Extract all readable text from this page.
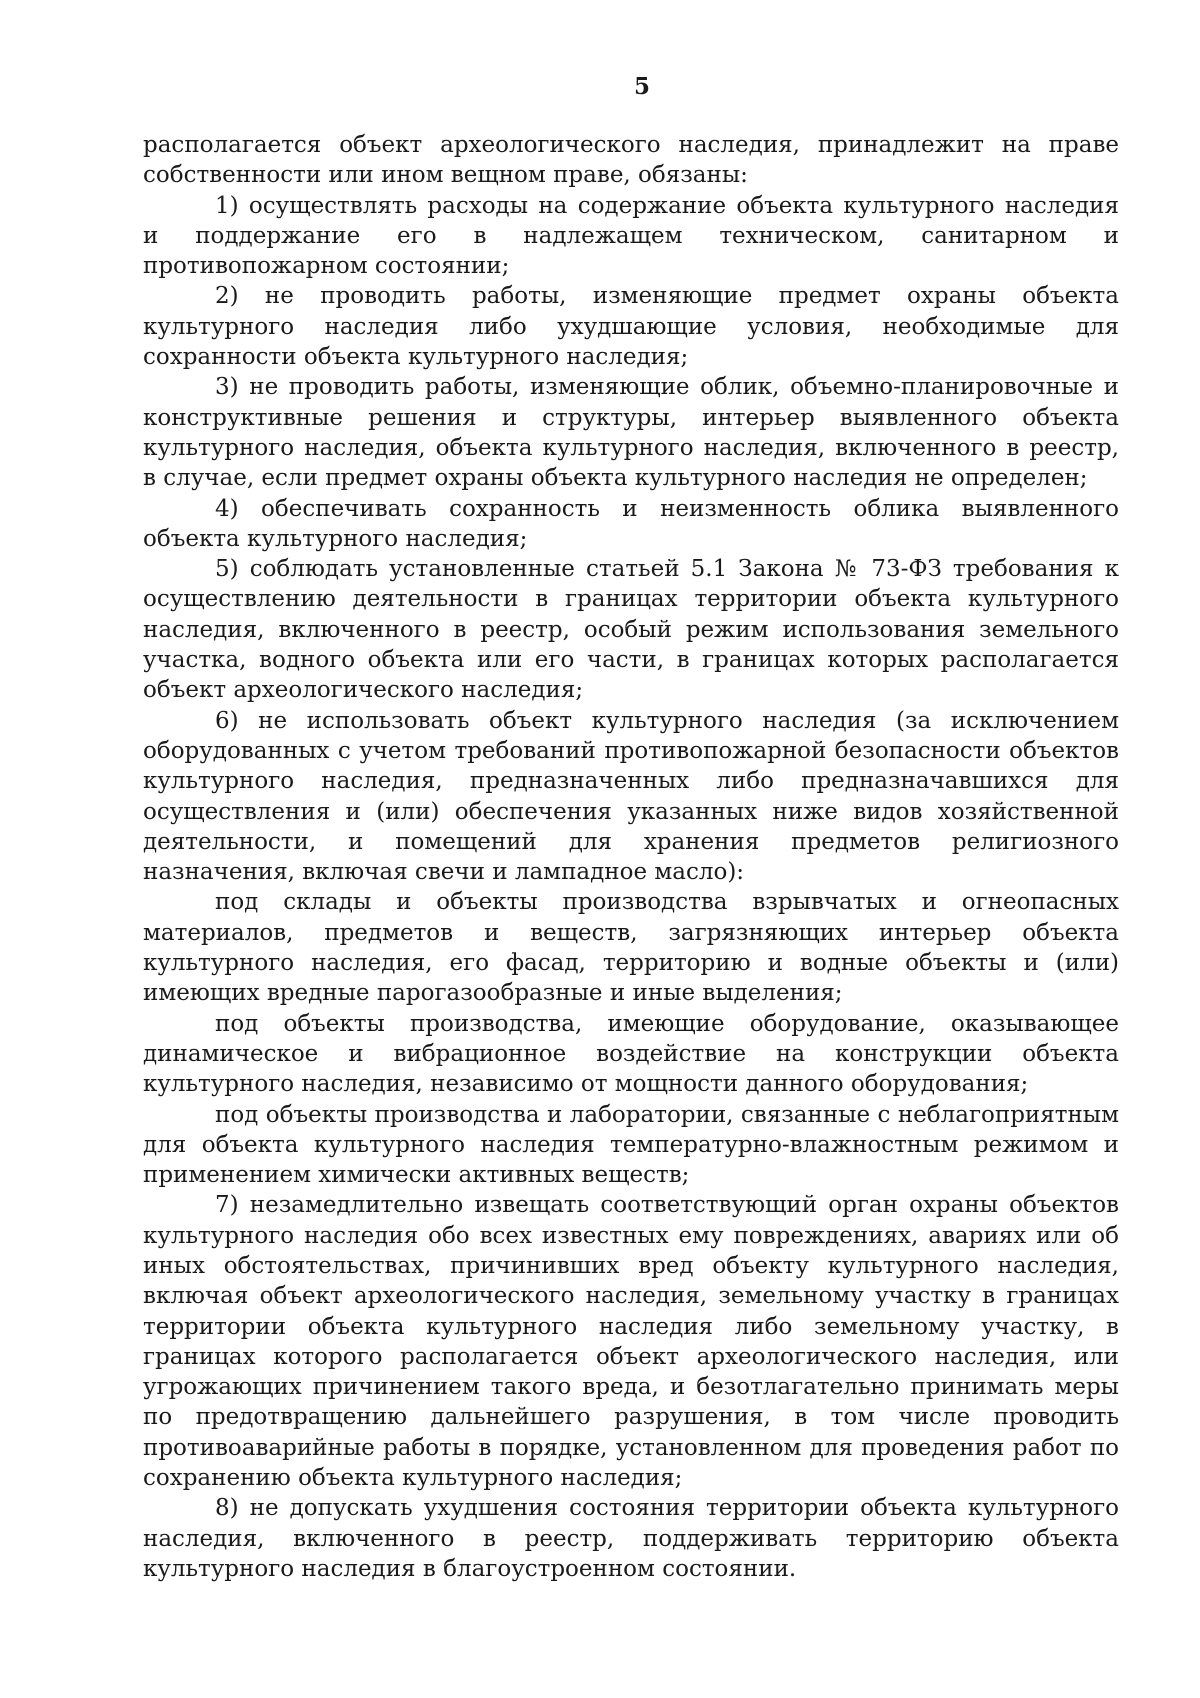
5

располагается объект археологического наследия, принадлежит на праве собственности или ином вещном праве, обязаны:

1) осуществлять расходы на содержание объекта культурного наследия и поддержание его в надлежащем техническом, санитарном и противопожарном состоянии;

2) не проводить работы, изменяющие предмет охраны объекта культурного наследия либо ухудшающие условия, необходимые для сохранности объекта культурного наследия;

3) не проводить работы, изменяющие облик, объемно-планировочные и конструктивные решения и структуры, интерьер выявленного объекта культурного наследия, объекта культурного наследия, включенного в реестр, в случае, если предмет охраны объекта культурного наследия не определен;

4) обеспечивать сохранность и неизменность облика выявленного объекта культурного наследия;

5) соблюдать установленные статьей 5.1 Закона № 73-ФЗ требования к осуществлению деятельности в границах территории объекта культурного наследия, включенного в реестр, особый режим использования земельного участка, водного объекта или его части, в границах которых располагается объект археологического наследия;

6) не использовать объект культурного наследия (за исключением оборудованных с учетом требований противопожарной безопасности объектов культурного наследия, предназначенных либо предназначавшихся для осуществления и (или) обеспечения указанных ниже видов хозяйственной деятельности, и помещений для хранения предметов религиозного назначения, включая свечи и лампадное масло):

под склады и объекты производства взрывчатых и огнеопасных материалов, предметов и веществ, загрязняющих интерьер объекта культурного наследия, его фасад, территорию и водные объекты и (или) имеющих вредные парогазообразные и иные выделения;

под объекты производства, имеющие оборудование, оказывающее динамическое и вибрационное воздействие на конструкции объекта культурного наследия, независимо от мощности данного оборудования;

под объекты производства и лаборатории, связанные с неблагоприятным для объекта культурного наследия температурно-влажностным режимом и применением химически активных веществ;

7) незамедлительно извещать соответствующий орган охраны объектов культурного наследия обо всех известных ему повреждениях, авариях или об иных обстоятельствах, причинивших вред объекту культурного наследия, включая объект археологического наследия, земельному участку в границах территории объекта культурного наследия либо земельному участку, в границах которого располагается объект археологического наследия, или угрожающих причинением такого вреда, и безотлагательно принимать меры по предотвращению дальнейшего разрушения, в том числе проводить противоаварийные работы в порядке, установленном для проведения работ по сохранению объекта культурного наследия;

8) не допускать ухудшения состояния территории объекта культурного наследия, включенного в реестр, поддерживать территорию объекта культурного наследия в благоустроенном состоянии.
